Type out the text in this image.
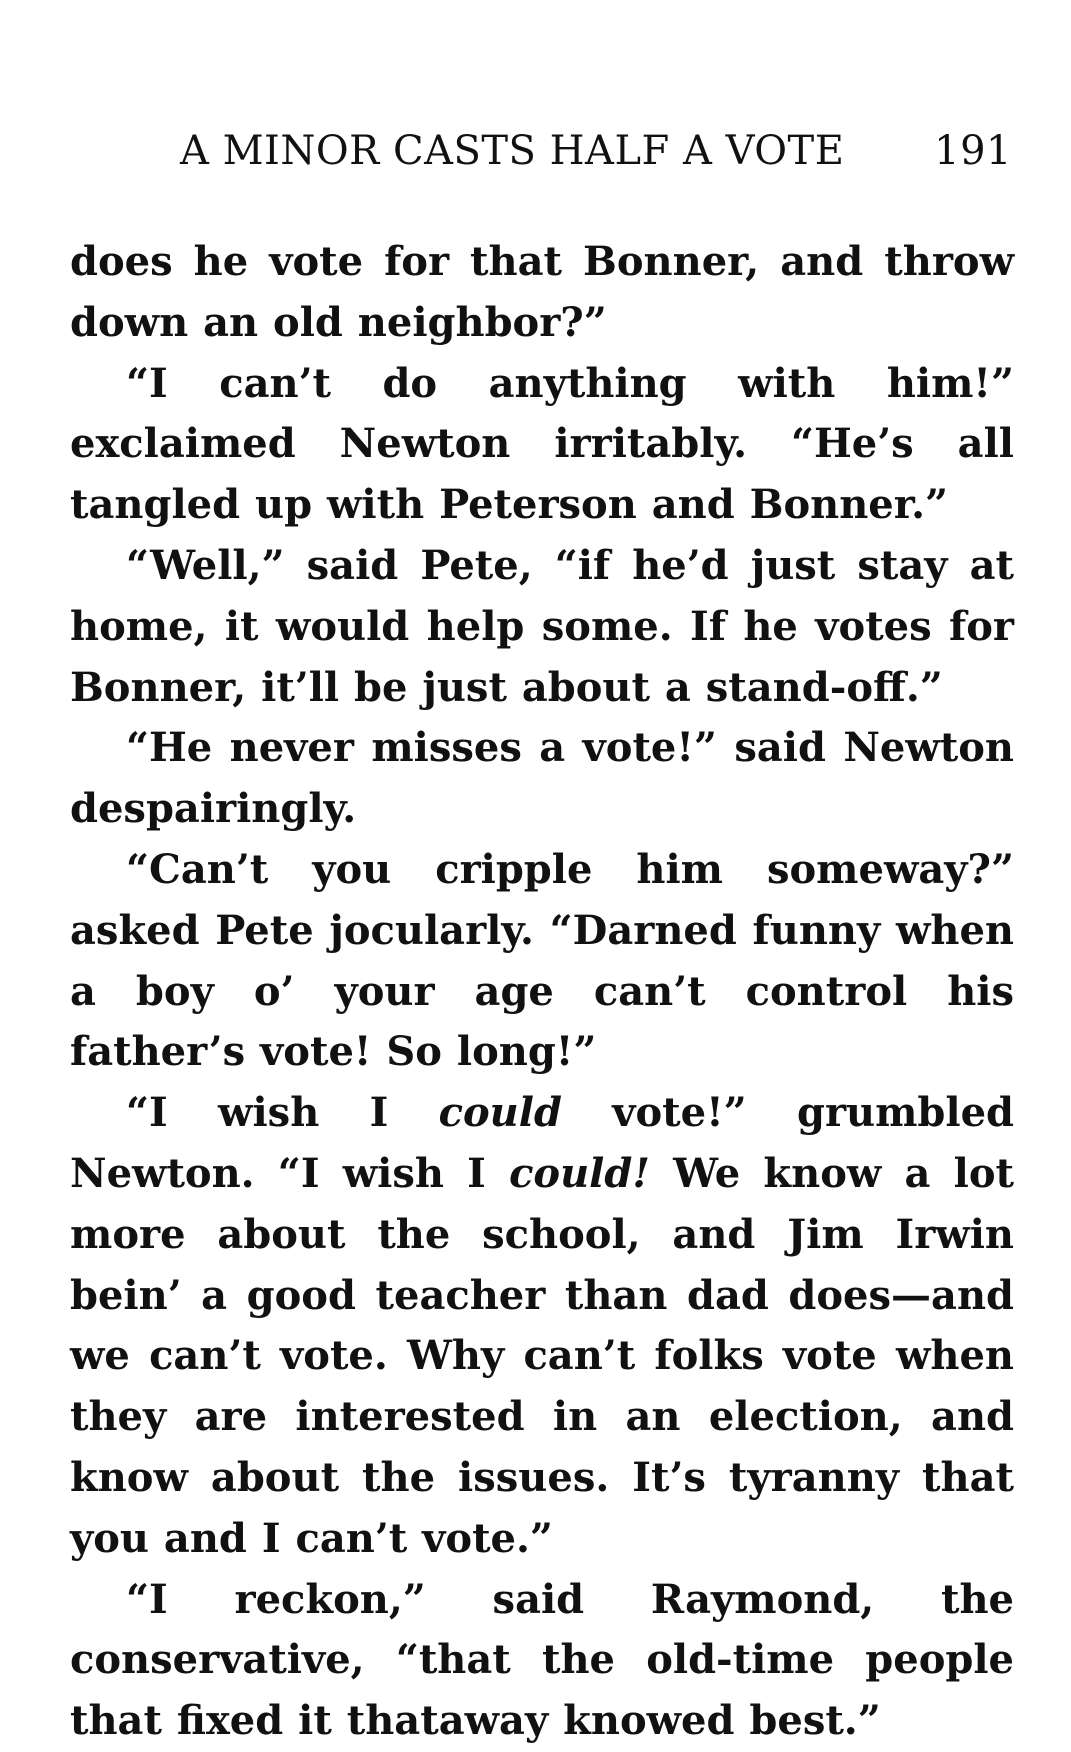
A MINOR CASTS HALF A VOTE 191

does he vote for that Bonner, and throw down an old neighbor?”

“I can’t do anything with him!” exclaimed Newton irritably. “He’s all tangled up with Peterson and Bonner.”

“Well,” said Pete, “if he’d just stay at home, it would help some. If he votes for Bonner, it’ll be just about a stand-off.”

“He never misses a vote!” said Newton despairingly.

“Can’t you cripple him someway?” asked Pete jocularly. “Darned funny when a boy o’ your age can’t control his father’s vote! So long!”

“I wish I could vote!” grumbled Newton. “I wish I could! We know a lot more about the school, and Jim Irwin bein’ a good teacher than dad does—and we can’t vote. Why can’t folks vote when they are interested in an election, and know about the issues. It’s tyranny that you and I can’t vote.”

“I reckon,” said Raymond, the conservative, “that the old-time people that fixed it thataway knowed best.”
